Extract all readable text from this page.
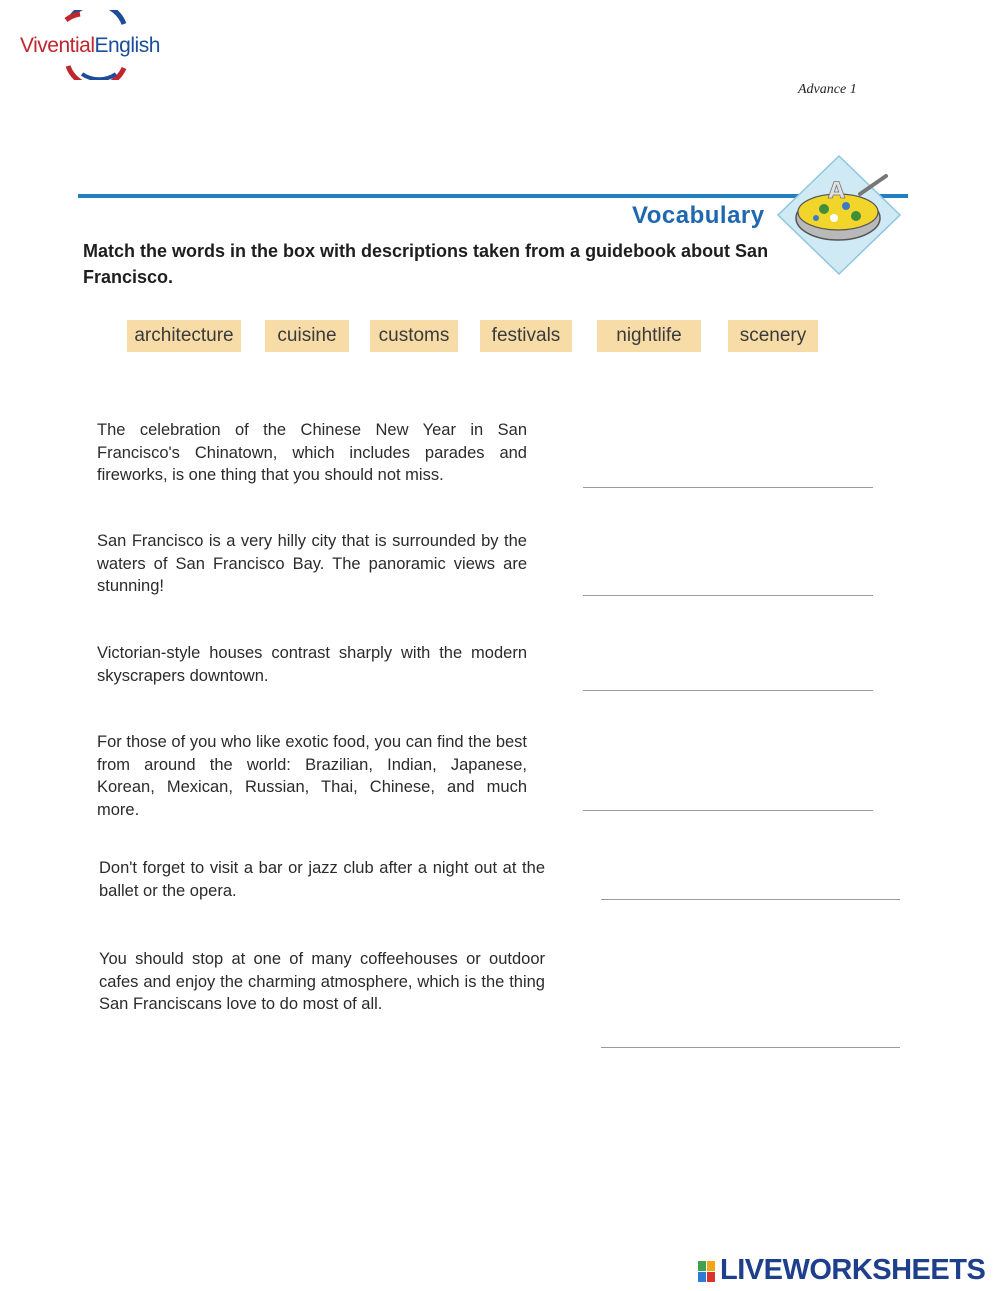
ViventialEnglish
Advance 1
Vocabulary
A
Match the words in the box with descriptions taken from a guidebook about San Francisco.
architecture	cuisine	customs	festivals	nightlife	scenery
The celebration of the Chinese New Year in San Francisco's Chinatown, which includes parades and fireworks, is one thing that you should not miss.
San Francisco is a very hilly city that is surrounded by the waters of San Francisco Bay. The panoramic views are stunning!
Victorian-style houses contrast sharply with the modern skyscrapers downtown.
For those of you who like exotic food, you can find the best from around the world: Brazilian, Indian, Japanese, Korean, Mexican, Russian, Thai, Chinese, and much more.
Don't forget to visit a bar or jazz club after a night out at the ballet or the opera.
You should stop at one of many coffeehouses or outdoor cafes and enjoy the charming atmosphere, which is the thing San Franciscans love to do most of all.
LIVEWORKSHEETS
